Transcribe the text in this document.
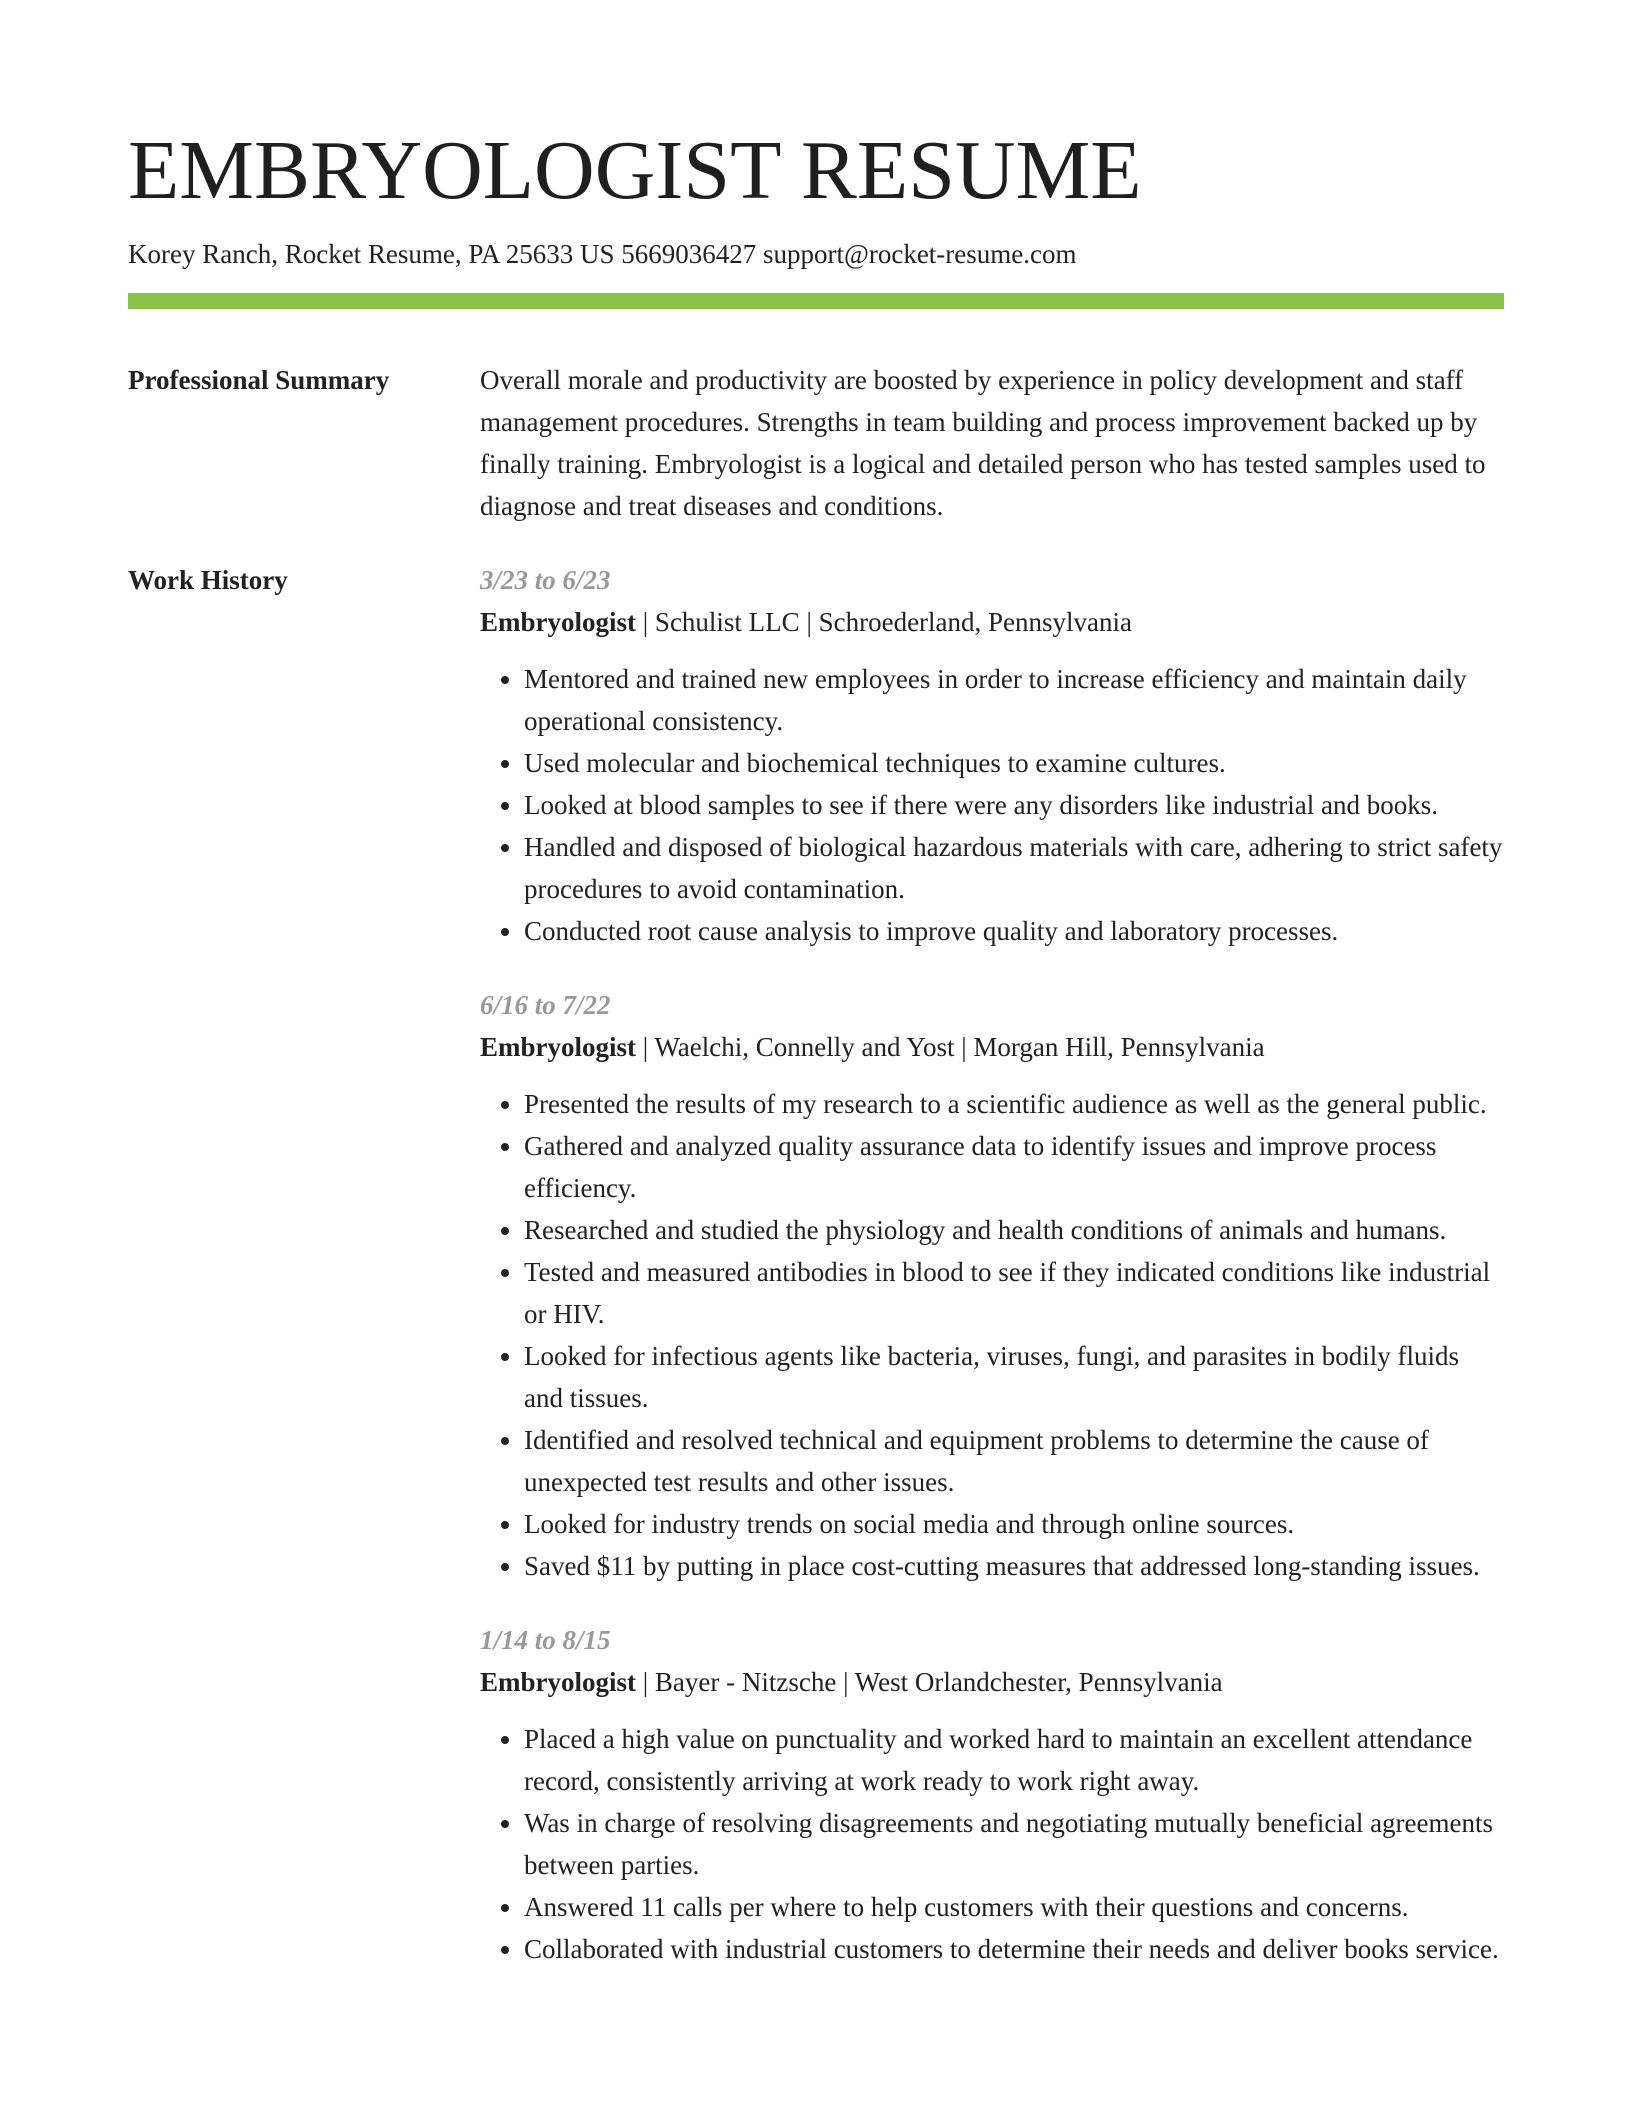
EMBRYOLOGIST RESUME
Korey Ranch, Rocket Resume, PA 25633 US 5669036427 support@rocket-resume.com
Professional Summary	Overall morale and productivity are boosted by experience in policy development and staff management procedures. Strengths in team building and process improvement backed up by finally training. Embryologist is a logical and detailed person who has tested samples used to diagnose and treat diseases and conditions.

Work History	3/23 to 6/23
Embryologist | Schulist LLC | Schroederland, Pennsylvania
• Mentored and trained new employees in order to increase efficiency and maintain daily operational consistency.
• Used molecular and biochemical techniques to examine cultures.
• Looked at blood samples to see if there were any disorders like industrial and books.
• Handled and disposed of biological hazardous materials with care, adhering to strict safety procedures to avoid contamination.
• Conducted root cause analysis to improve quality and laboratory processes.
6/16 to 7/22
Embryologist | Waelchi, Connelly and Yost | Morgan Hill, Pennsylvania
• Presented the results of my research to a scientific audience as well as the general public.
• Gathered and analyzed quality assurance data to identify issues and improve process efficiency.
• Researched and studied the physiology and health conditions of animals and humans.
• Tested and measured antibodies in blood to see if they indicated conditions like industrial or HIV.
• Looked for infectious agents like bacteria, viruses, fungi, and parasites in bodily fluids and tissues.
• Identified and resolved technical and equipment problems to determine the cause of unexpected test results and other issues.
• Looked for industry trends on social media and through online sources.
• Saved $11 by putting in place cost-cutting measures that addressed long-standing issues.
1/14 to 8/15
Embryologist | Bayer - Nitzsche | West Orlandchester, Pennsylvania
• Placed a high value on punctuality and worked hard to maintain an excellent attendance record, consistently arriving at work ready to work right away.
• Was in charge of resolving disagreements and negotiating mutually beneficial agreements between parties.
• Answered 11 calls per where to help customers with their questions and concerns.
• Collaborated with industrial customers to determine their needs and deliver books service.
